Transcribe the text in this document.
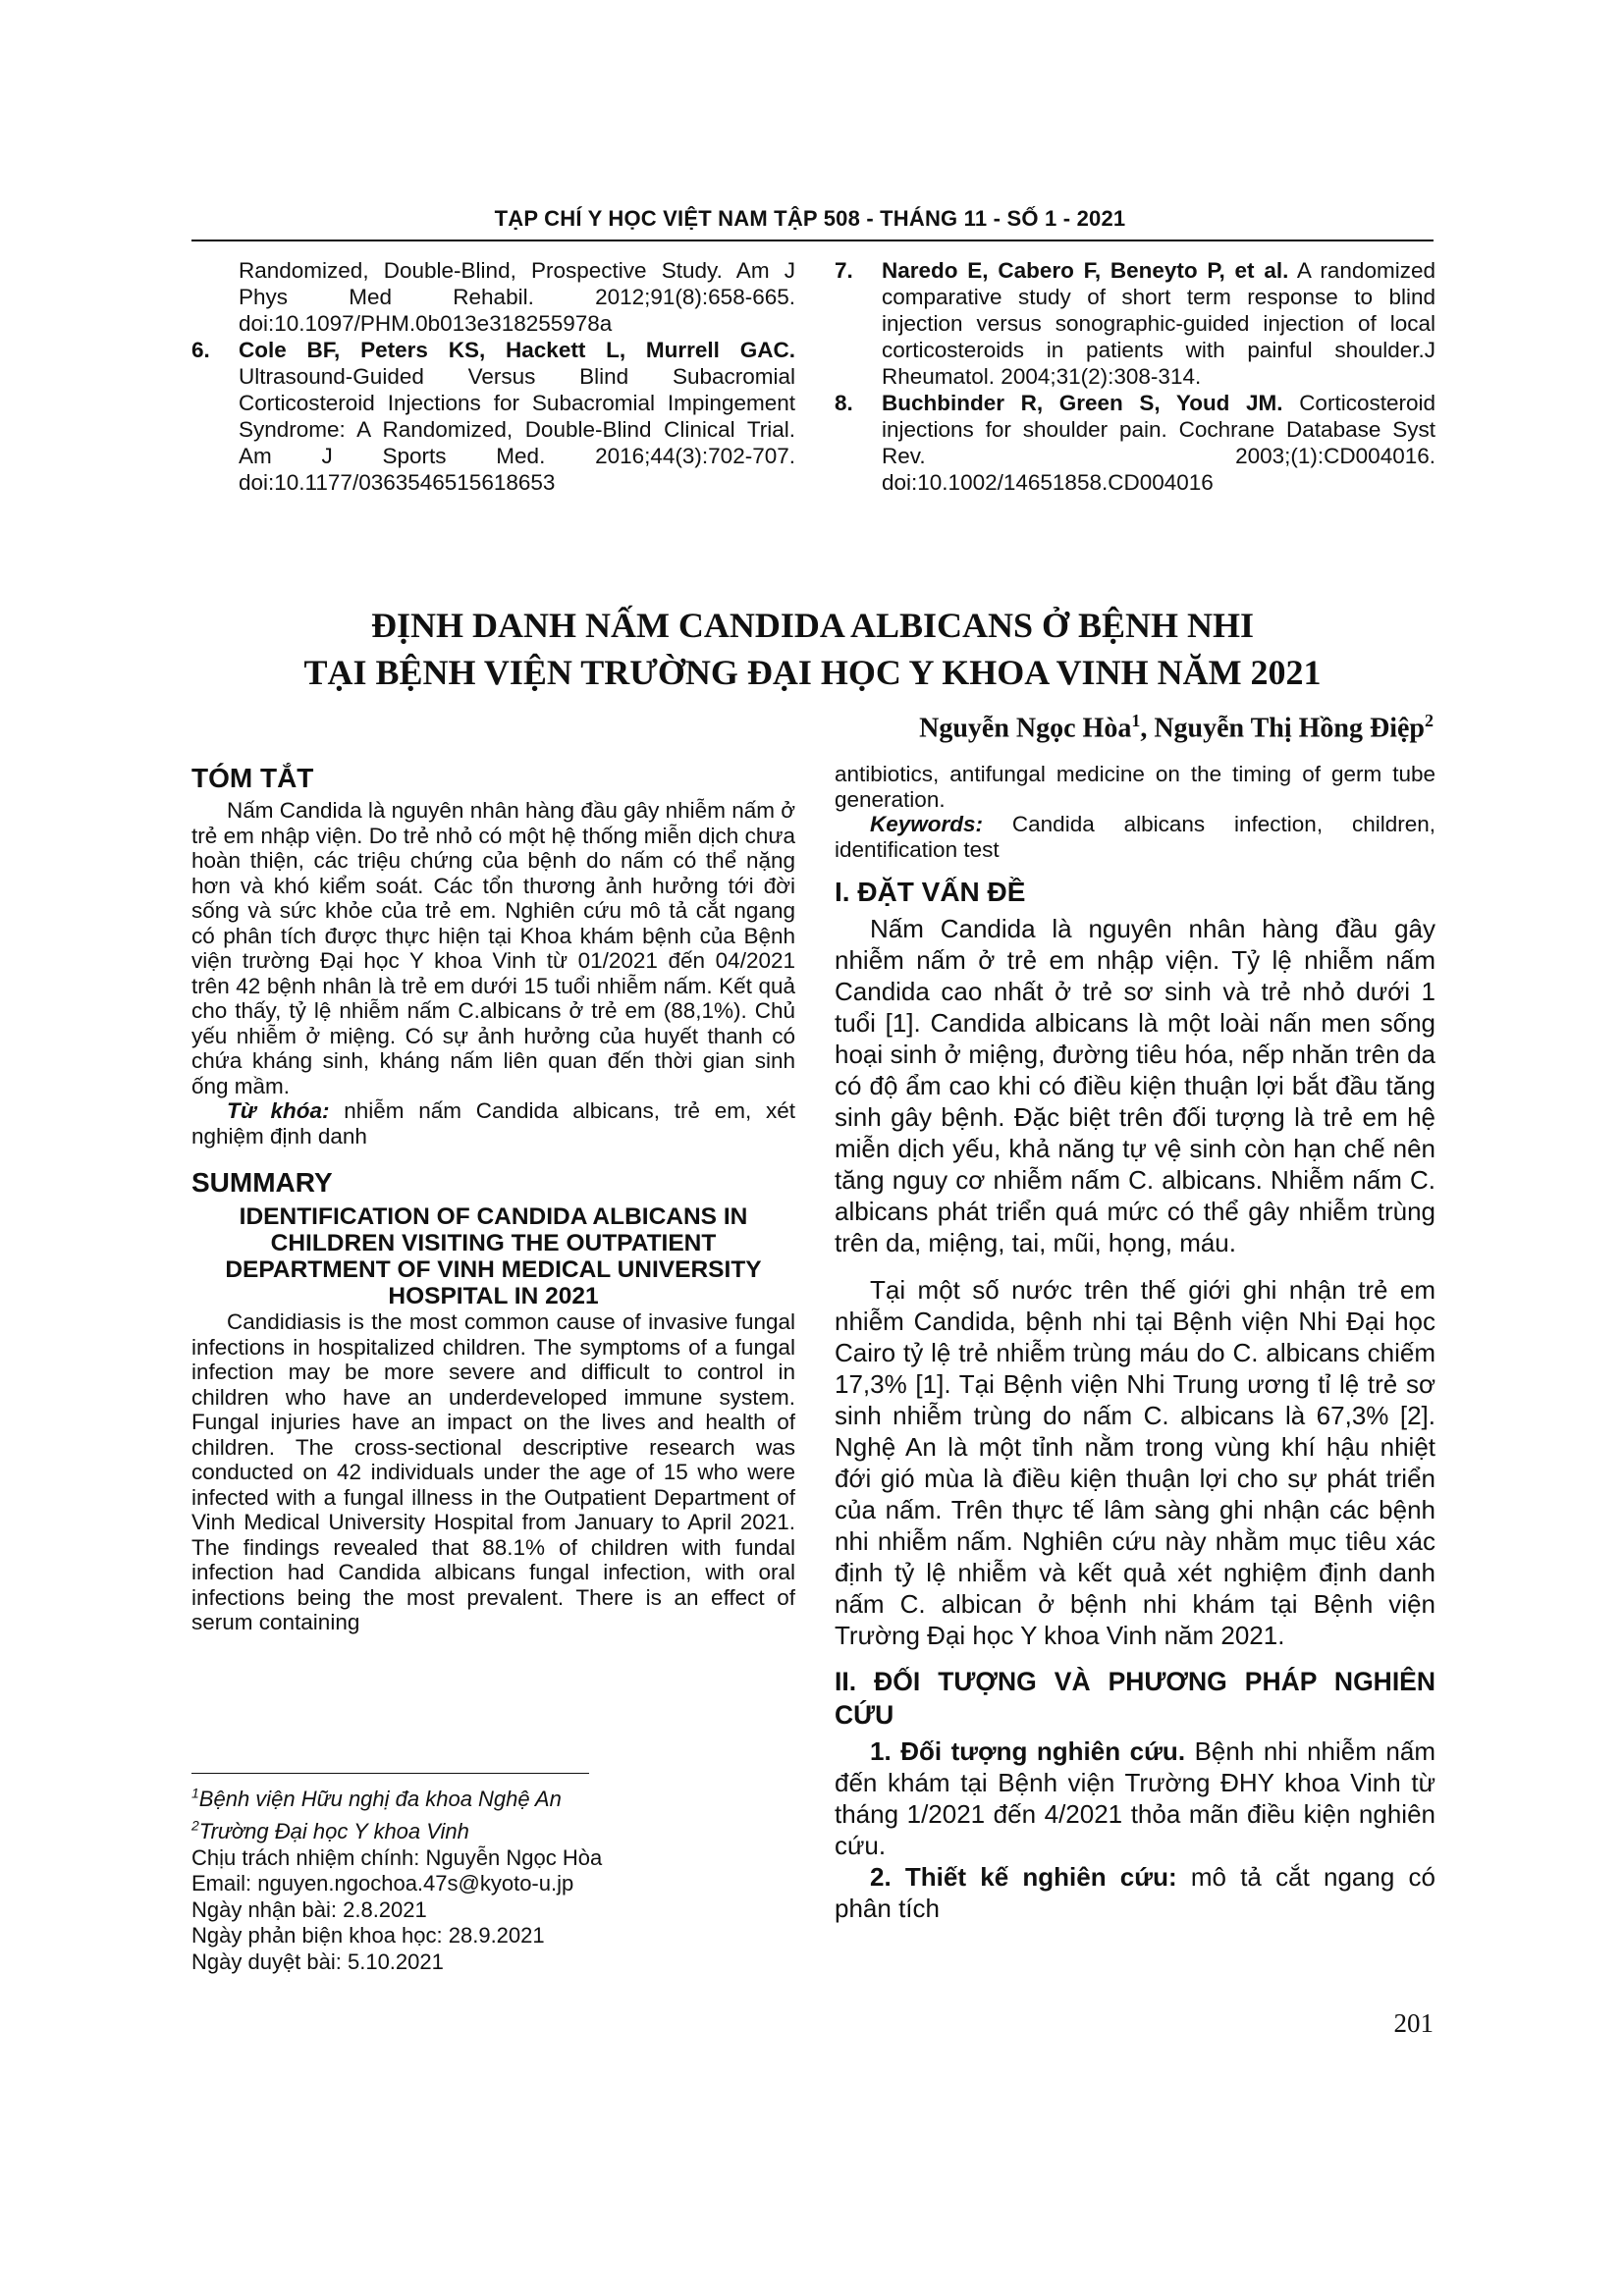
TẠP CHÍ Y HỌC VIỆT NAM TẬP 508 - THÁNG 11 - SỐ 1 - 2021

Randomized, Double-Blind, Prospective Study. Am J Phys Med Rehabil. 2012;91(8):658-665. doi:10.1097/PHM.0b013e318255978a

6. Cole BF, Peters KS, Hackett L, Murrell GAC. Ultrasound-Guided Versus Blind Subacromial Corticosteroid Injections for Subacromial Impingement Syndrome: A Randomized, Double-Blind Clinical Trial. Am J Sports Med. 2016;44(3):702-707. doi:10.1177/0363546515618653

7. Naredo E, Cabero F, Beneyto P, et al. A randomized comparative study of short term response to blind injection versus sonographic-guided injection of local corticosteroids in patients with painful shoulder.J Rheumatol. 2004;31(2):308-314.

8. Buchbinder R, Green S, Youd JM. Corticosteroid injections for shoulder pain. Cochrane Database Syst Rev. 2003;(1):CD004016. doi:10.1002/14651858.CD004016

ĐỊNH DANH NẤM CANDIDA ALBICANS Ở BỆNH NHI
TẠI BỆNH VIỆN TRƯỜNG ĐẠI HỌC Y KHOA VINH NĂM 2021
Nguyễn Ngọc Hòa$^1$, Nguyễn Thị Hồng Điệp$^2$
TÓM TẮT

Nấm Candida là nguyên nhân hàng đầu gây nhiễm nấm ở trẻ em nhập viện. Do trẻ nhỏ có một hệ thống miễn dịch chưa hoàn thiện, các triệu chứng của bệnh do nấm có thể nặng hơn và khó kiểm soát. Các tổn thương ảnh hưởng tới đời sống và sức khỏe của trẻ em. Nghiên cứu mô tả cắt ngang có phân tích được thực hiện tại Khoa khám bệnh của Bệnh viện trường Đại học Y khoa Vinh từ 01/2021 đến 04/2021 trên 42 bệnh nhân là trẻ em dưới 15 tuổi nhiễm nấm. Kết quả cho thấy, tỷ lệ nhiễm nấm C.albicans ở trẻ em (88,1%). Chủ yếu nhiễm ở miệng. Có sự ảnh hưởng của huyết thanh có chứa kháng sinh, kháng nấm liên quan đến thời gian sinh ống mầm.

Từ khóa: nhiễm nấm Candida albicans, trẻ em, xét nghiệm định danh

SUMMARY
IDENTIFICATION OF CANDIDA ALBICANS IN CHILDREN VISITING THE OUTPATIENT DEPARTMENT OF VINH MEDICAL UNIVERSITY HOSPITAL IN 2021

Candidiasis is the most common cause of invasive fungal infections in hospitalized children. The symptoms of a fungal infection may be more severe and difficult to control in children who have an underdeveloped immune system. Fungal injuries have an impact on the lives and health of children. The cross-sectional descriptive research was conducted on 42 individuals under the age of 15 who were infected with a fungal illness in the Outpatient Department of Vinh Medical University Hospital from January to April 2021. The findings revealed that 88.1% of children with fundal infection had Candida albicans fungal infection, with oral infections being the most prevalent. There is an effect of serum containing

$^1$Bệnh viện Hữu nghị đa khoa Nghệ An
$^2$Trường Đại học Y khoa Vinh
Chịu trách nhiệm chính: Nguyễn Ngọc Hòa
Email: nguyen.ngochoa.47s@kyoto-u.jp
Ngày nhận bài: 2.8.2021
Ngày phản biện khoa học: 28.9.2021
Ngày duyệt bài: 5.10.2021

antibiotics, antifungal medicine on the timing of germ tube generation.

Keywords: Candida albicans infection, children, identification test

I. ĐẶT VẤN ĐỀ

Nấm Candida là nguyên nhân hàng đầu gây nhiễm nấm ở trẻ em nhập viện. Tỷ lệ nhiễm nấm Candida cao nhất ở trẻ sơ sinh và trẻ nhỏ dưới 1 tuổi [1]. Candida albicans là một loài nấn men sống hoại sinh ở miệng, đường tiêu hóa, nếp nhăn trên da có độ ẩm cao khi có điều kiện thuận lợi bắt đầu tăng sinh gây bệnh. Đặc biệt trên đối tượng là trẻ em hệ miễn dịch yếu, khả năng tự vệ sinh còn hạn chế nên tăng nguy cơ nhiễm nấm C. albicans. Nhiễm nấm C. albicans phát triển quá mức có thể gây nhiễm trùng trên da, miệng, tai, mũi, họng, máu.

Tại một số nước trên thế giới ghi nhận trẻ em nhiễm Candida, bệnh nhi tại Bệnh viện Nhi Đại học Cairo tỷ lệ trẻ nhiễm trùng máu do C. albicans chiếm 17,3% [1]. Tại Bệnh viện Nhi Trung ương tỉ lệ trẻ sơ sinh nhiễm trùng do nấm C. albicans là 67,3% [2]. Nghệ An là một tỉnh nằm trong vùng khí hậu nhiệt đới gió mùa là điều kiện thuận lợi cho sự phát triển của nấm. Trên thực tế lâm sàng ghi nhận các bệnh nhi nhiễm nấm. Nghiên cứu này nhằm mục tiêu xác định tỷ lệ nhiễm và kết quả xét nghiệm định danh nấm C. albican ở bệnh nhi khám tại Bệnh viện Trường Đại học Y khoa Vinh năm 2021.

II. ĐỐI TƯỢNG VÀ PHƯƠNG PHÁP NGHIÊN CỨU

1. Đối tượng nghiên cứu. Bệnh nhi nhiễm nấm đến khám tại Bệnh viện Trường ĐHY khoa Vinh từ tháng 1/2021 đến 4/2021 thỏa mãn điều kiện nghiên cứu.

2. Thiết kế nghiên cứu: mô tả cắt ngang có phân tích

201
